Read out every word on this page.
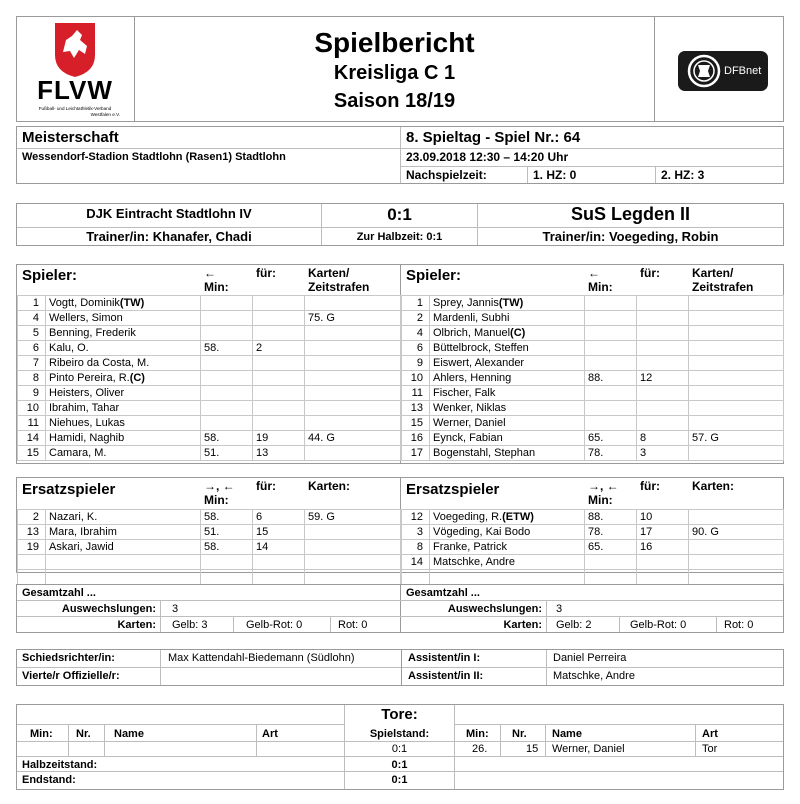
FLVW
Fußball- und Leichtathletik-Verband
Westfalen e.V.
Spielbericht
Kreisliga C 1
Saison 18/19
DFBnet
Meisterschaft
Wessendorf-Stadion Stadtlohn (Rasen1) Stadtlohn
8. Spieltag - Spiel Nr.: 64
23.09.2018 12:30 – 14:20 Uhr
Nachspielzeit:	1. HZ: 0	2. HZ: 3
DJK Eintracht Stadtlohn IV	0:1	SuS Legden II
Trainer/in: Khanafer, Chadi	Zur Halbzeit: 0:1	Trainer/in: Voegeding, Robin
Spieler:	←
Min:
für:	Karten/
Zeitstrafen
Spieler:	←
Min:
für:	Karten/
Zeitstrafen
1	Vogtt, Dominik(TW)			
4	Wellers, Simon			75. G
5	Benning, Frederik			
6	Kalu, O.	58.	2	
7	Ribeiro da Costa, M.			
8	Pinto Pereira, R.(C)			
9	Heisters, Oliver			
10	Ibrahim, Tahar			
11	Niehues, Lukas			
14	Hamidi, Naghib	58.	19	44. G
15	Camara, M.	51.	13	
1	Sprey, Jannis(TW)			
2	Mardenli, Subhi			
4	Olbrich, Manuel(C)			
6	Büttelbrock, Steffen			
9	Eiswert, Alexander			
10	Ahlers, Henning	88.	12	
11	Fischer, Falk			
13	Wenker, Niklas			
15	Werner, Daniel			
16	Eynck, Fabian	65.	8	57. G
17	Bogenstahl, Stephan	78.	3	
Ersatzspieler	→, ←
Min:
für:	Karten:	Ersatzspieler	→, ←
Min:
für:	Karten:
2	Nazari, K.	58.	6	59. G
13	Mara, Ibrahim	51.	15	
19	Askari, Jawid	58.	14	

12	Voegeding, R.(ETW)	88.	10	
3	Vögeding, Kai Bodo	78.	17	90. G
8	Franke, Patrick	65.	16	
14	Matschke, Andre			

Gesamtzahl ...
Auswechslungen: 3
Karten: Gelb: 3	Gelb-Rot: 0	Rot: 0
Gesamtzahl ...
Auswechslungen: 3
Karten: Gelb: 2	Gelb-Rot: 0	Rot: 0
Schiedsrichter/in:	Max Kattendahl-Biedemann (Südlohn)
Vierte/r Offizielle/r:
Assistent/in I:	Daniel Perreira
Assistent/in II:	Matschke, Andre
Tore:
Min: Nr. Name	Art	Spielstand:
0:1
Min: Nr. Name	Art
26.	15 Werner, Daniel	Tor
Halbzeitstand:	0:1
Endstand:	0:1
